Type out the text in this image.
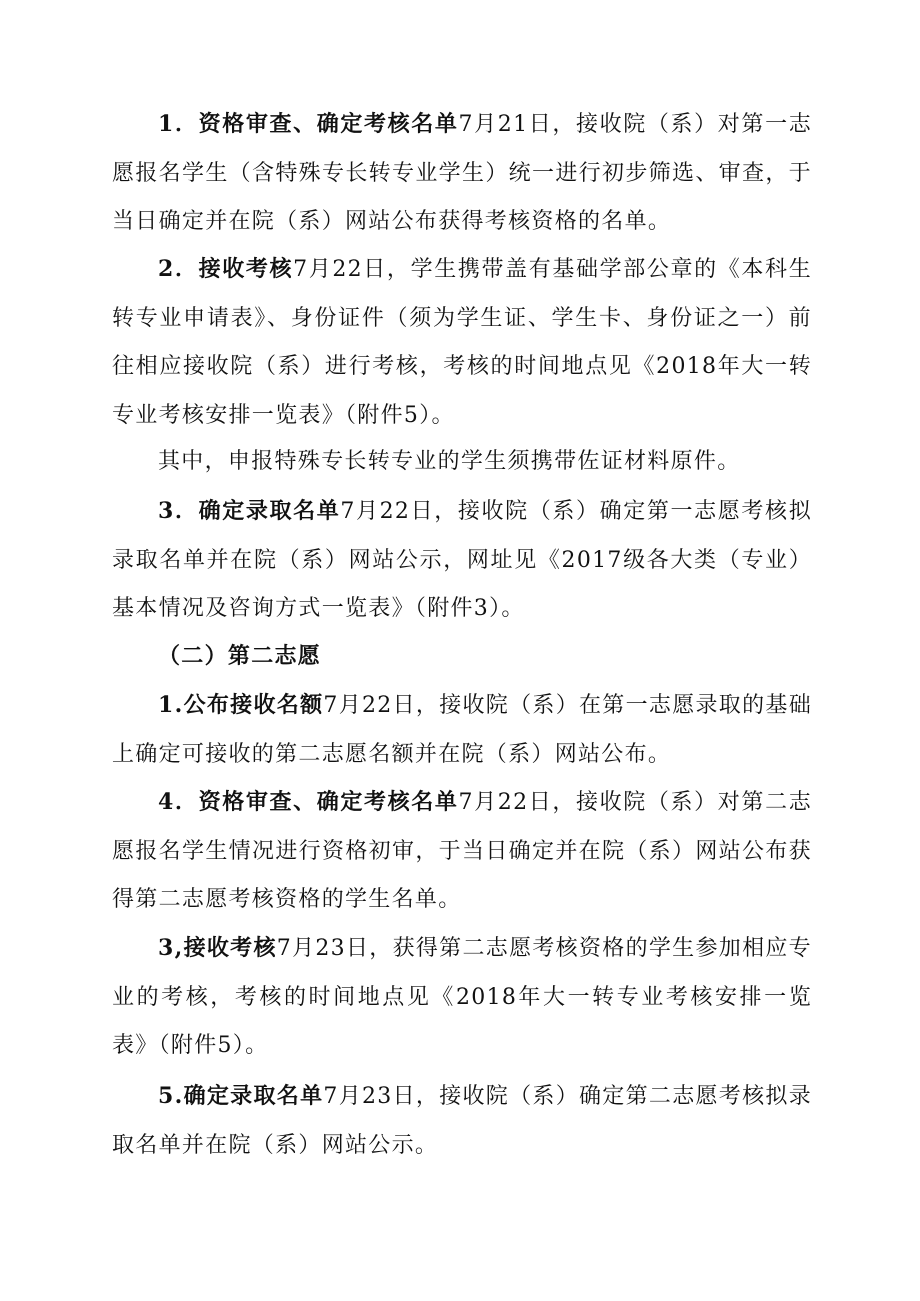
1．资格审查、确定考核名单7月21日，接收院（系）对第一志愿报名学生（含特殊专长转专业学生）统一进行初步筛选、审查，于当日确定并在院（系）网站公布获得考核资格的名单。

2．接收考核7月22日，学生携带盖有基础学部公章的《本科生转专业申请表》、身份证件（须为学生证、学生卡、身份证之一）前往相应接收院（系）进行考核，考核的时间地点见《2018年大一转专业考核安排一览表》（附件5）。

其中，申报特殊专长转专业的学生须携带佐证材料原件。

3．确定录取名单7月22日，接收院（系）确定第一志愿考核拟录取名单并在院（系）网站公示，网址见《2017级各大类（专业）基本情况及咨询方式一览表》（附件3）。

（二）第二志愿

1.公布接收名额7月22日，接收院（系）在第一志愿录取的基础上确定可接收的第二志愿名额并在院（系）网站公布。

4．资格审查、确定考核名单7月22日，接收院（系）对第二志愿报名学生情况进行资格初审，于当日确定并在院（系）网站公布获得第二志愿考核资格的学生名单。

3,接收考核7月23日，获得第二志愿考核资格的学生参加相应专业的考核，考核的时间地点见《2018年大一转专业考核安排一览表》（附件5）。

5.确定录取名单7月23日，接收院（系）确定第二志愿考核拟录取名单并在院（系）网站公示。
